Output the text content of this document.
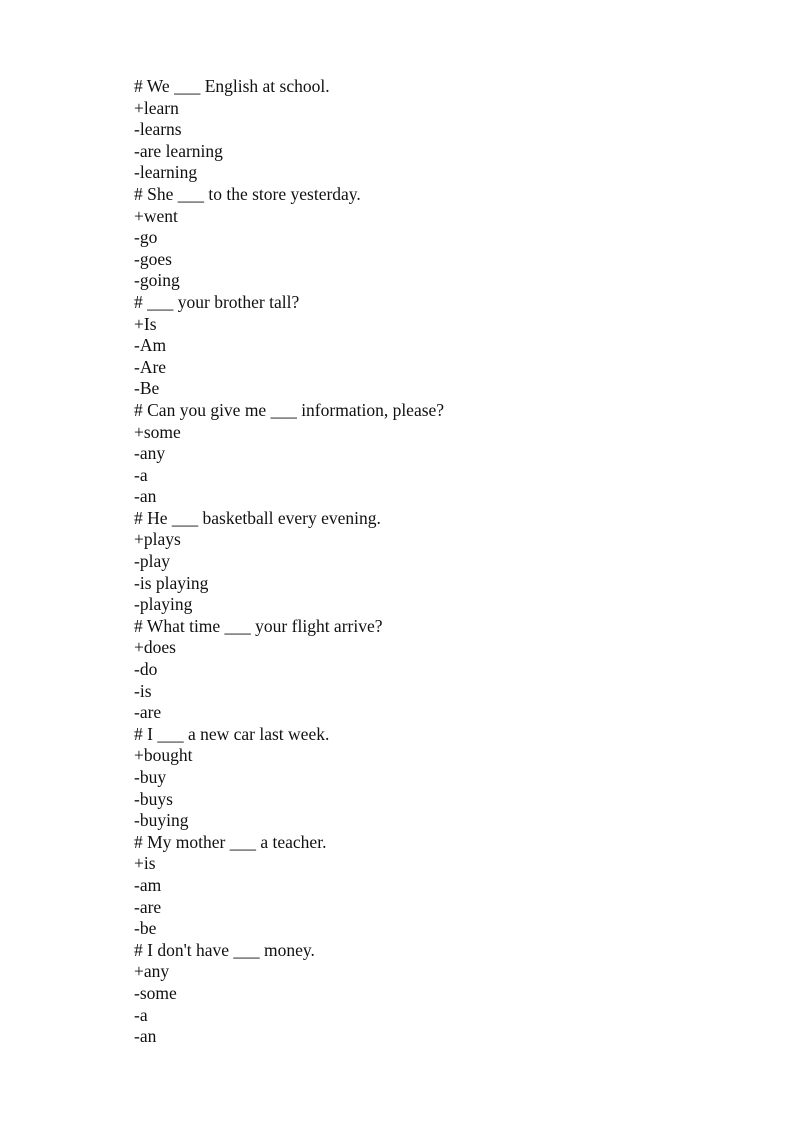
# We ___ English at school.
+learn
-learns
-are learning
-learning
# She ___ to the store yesterday.
+went
-go
-goes
-going
# ___ your brother tall?
+Is
-Am
-Are
-Be
# Can you give me ___ information, please?
+some
-any
-a
-an
# He ___ basketball every evening.
+plays
-play
-is playing
-playing
# What time ___ your flight arrive?
+does
-do
-is
-are
# I ___ a new car last week.
+bought
-buy
-buys
-buying
# My mother ___ a teacher.
+is
-am
-are
-be
# I don't have ___ money.
+any
-some
-a
-an
